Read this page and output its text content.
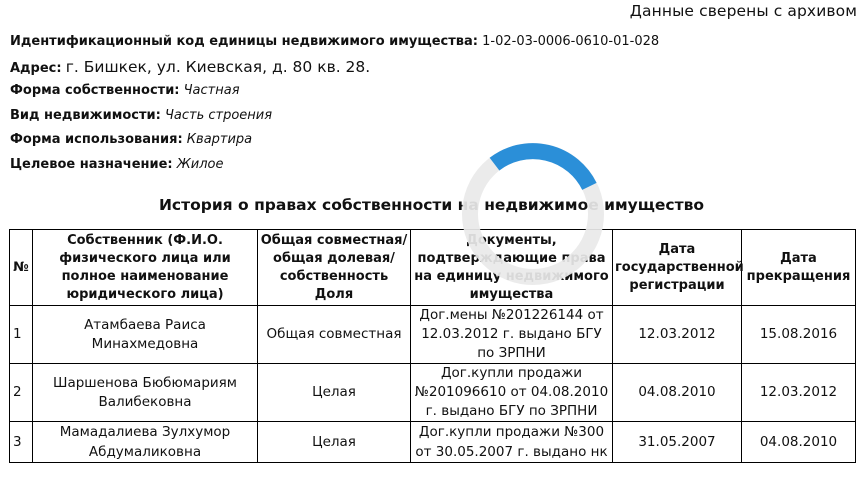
Данные сверены с архивом
Идентификационный код единицы недвижимого имущества: 1-02-03-0006-0610-01-028
Адрес: г. Бишкек, ул. Киевская, д. 80 кв. 28.
Форма собственности: Частная
Вид недвижимости: Часть строения
Форма использования: Квартира
Целевое назначение: Жилое
История о правах собственности на недвижимое имущество
№	Собственник (Ф.И.О. физического лица или полное наименование юридического лица)	Общая совместная/ общая долевая/ собственность Доля	Документы, подтверждающие права на единицу недвижимого имущества	Дата государственной регистрации	Дата прекращения
1	Атамбаева Раиса Минахмедовна	Общая совместная	Дог.мены №201226144 от 12.03.2012 г. выдано БГУ по ЗРПНИ	12.03.2012	15.08.2016
2	Шаршенова Бюбюмариям Валибековна	Целая	Дог.купли продажи №201096610 от 04.08.2010 г. выдано БГУ по ЗРПНИ	04.08.2010	12.03.2012
3	Мамадалиева Зулхумор Абдумаликовна	Целая	Дог.купли продажи №300 от 30.05.2007 г. выдано нк	31.05.2007	04.08.2010
